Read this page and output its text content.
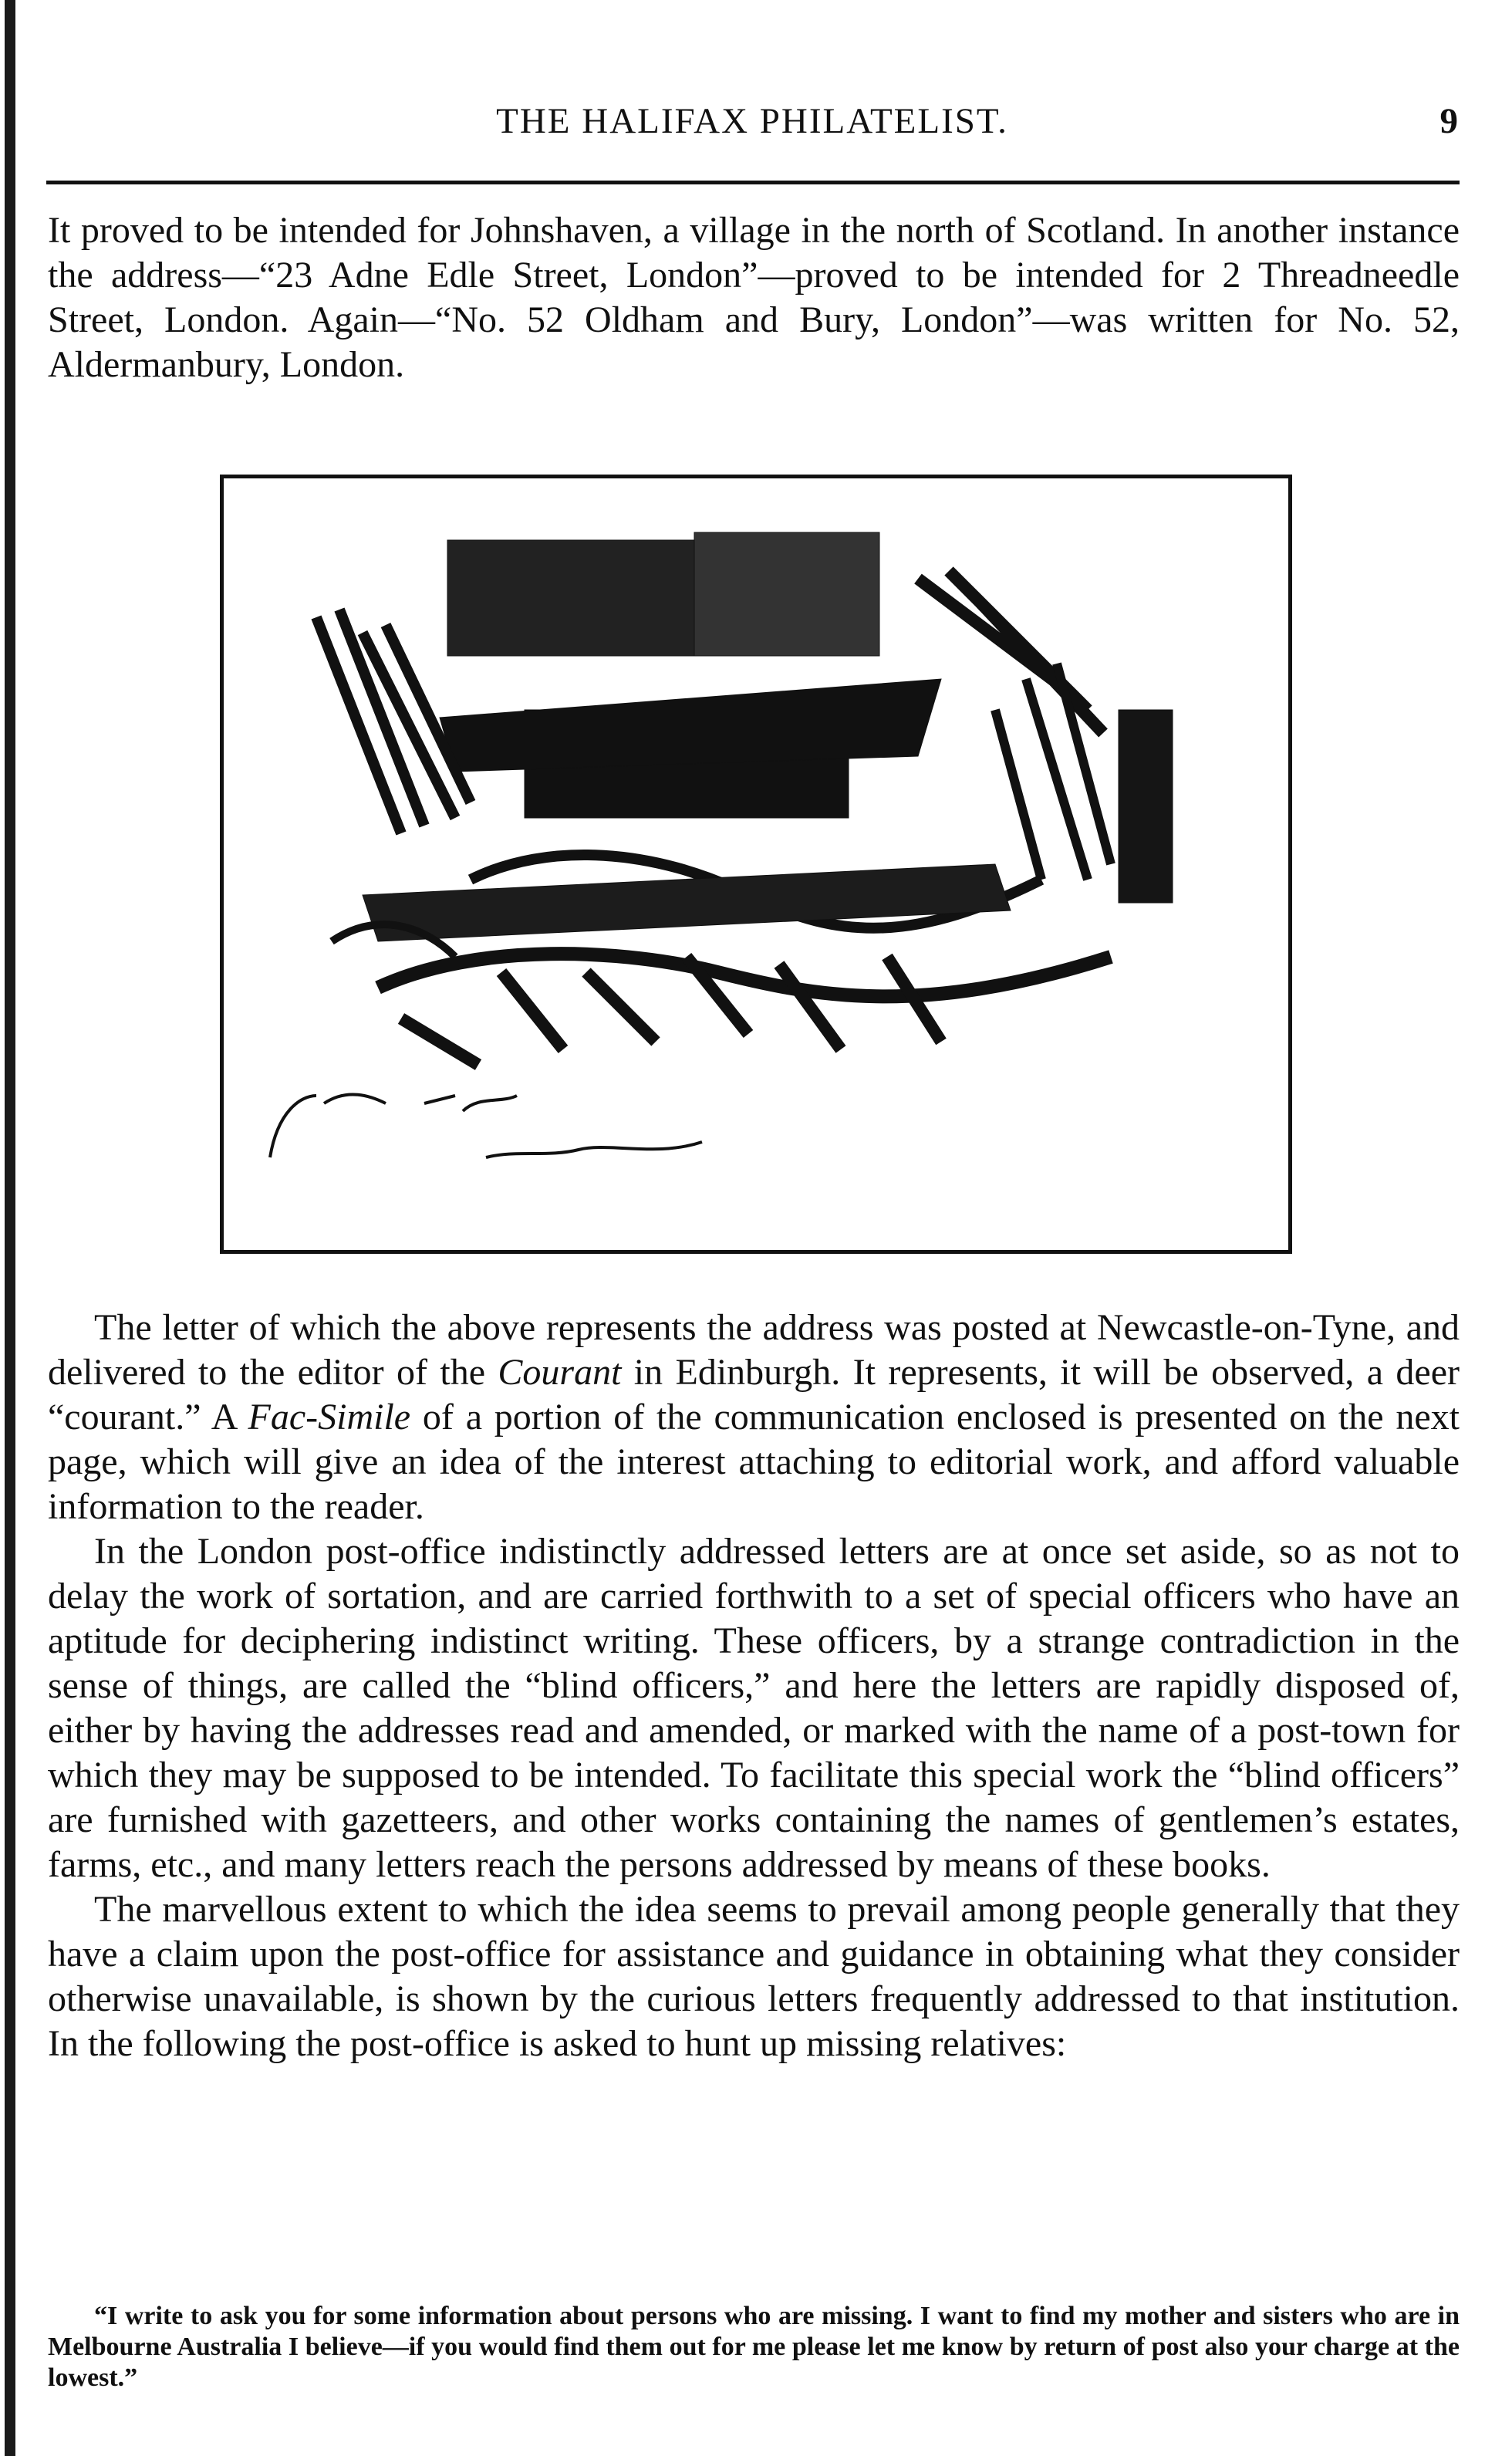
THE HALIFAX PHILATELIST.	9

It proved to be intended for Johnshaven, a village in the north of Scotland. In another instance the address—“23 Adne Edle Street, London”—proved to be intended for 2 Threadneedle Street, London. Again—“No. 52 Oldham and Bury, London”—was written for No. 52, Aldermanbury, London.

The letter of which the above represents the address was posted at Newcastle-on-Tyne, and delivered to the editor of the Courant in Edinburgh. It represents, it will be observed, a deer “courant.” A Fac-Simile of a portion of the communication enclosed is presented on the next page, which will give an idea of the interest attaching to editorial work, and afford valuable information to the reader.

In the London post-office indistinctly addressed letters are at once set aside, so as not to delay the work of sortation, and are carried forthwith to a set of special officers who have an aptitude for deciphering indistinct writing. These officers, by a strange contradiction in the sense of things, are called the “blind officers,” and here the letters are rapidly disposed of, either by having the addresses read and amended, or marked with the name of a post-town for which they may be supposed to be intended. To facilitate this special work the “blind officers” are furnished with gazetteers, and other works containing the names of gentlemen’s estates, farms, etc., and many letters reach the persons addressed by means of these books.

The marvellous extent to which the idea seems to prevail among people generally that they have a claim upon the post-office for assistance and guidance in obtaining what they consider otherwise unavailable, is shown by the curious letters frequently addressed to that institution. In the following the post-office is asked to hunt up missing relatives:

“I write to ask you for some information about persons who are missing. I want to find my mother and sisters who are in Melbourne Australia I believe—if you would find them out for me please let me know by return of post also your charge at the lowest.”
